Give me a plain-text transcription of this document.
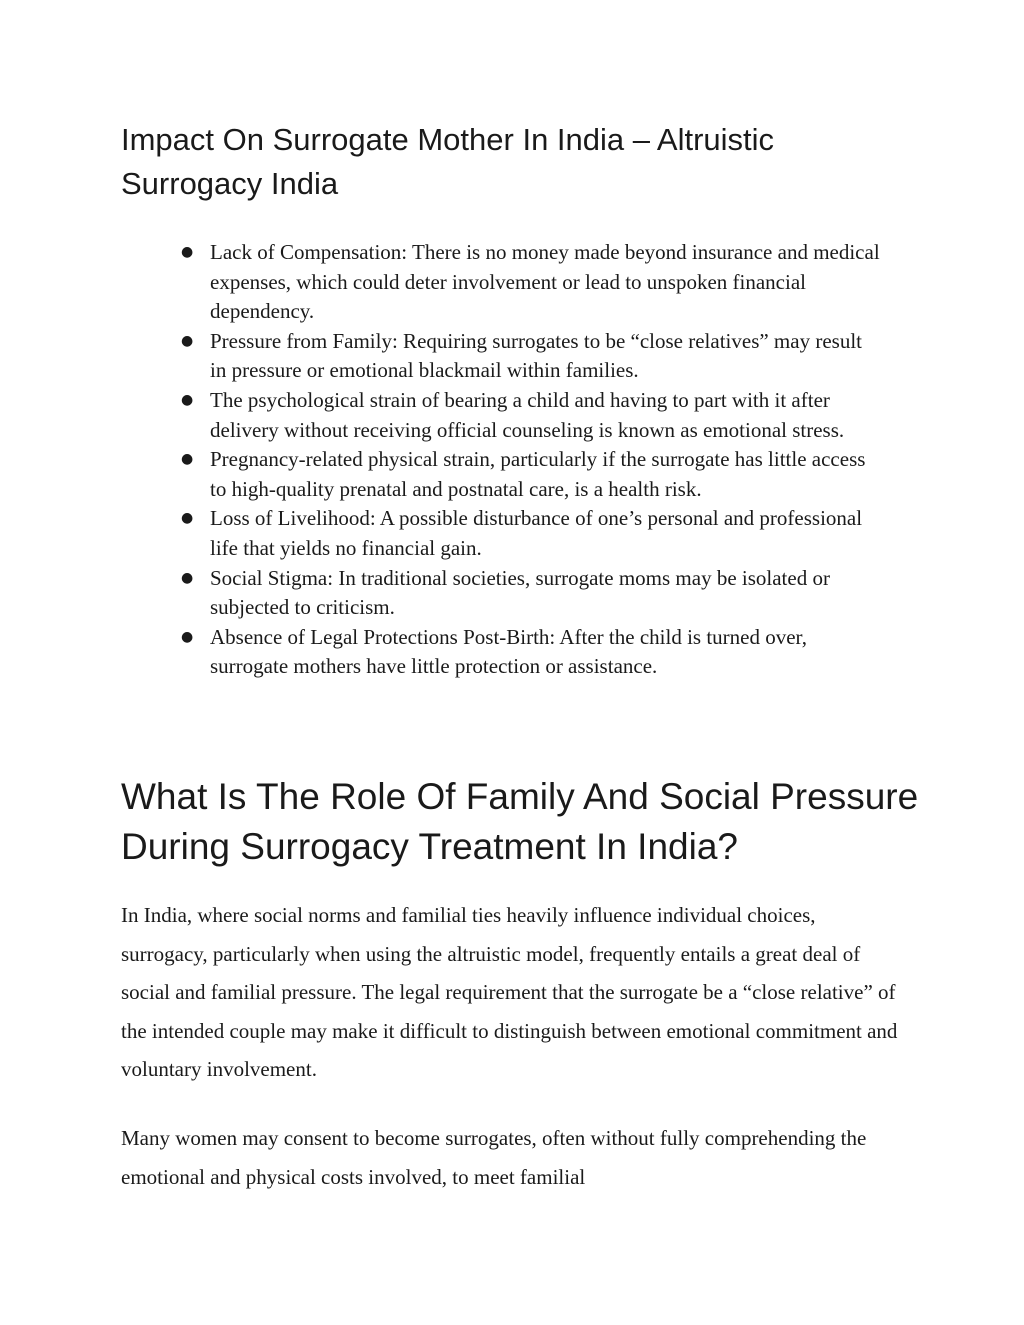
Impact On Surrogate Mother In India – Altruistic Surrogacy India
● Lack of Compensation: There is no money made beyond insurance and medical expenses, which could deter involvement or lead to unspoken financial dependency.
● Pressure from Family: Requiring surrogates to be “close relatives” may result in pressure or emotional blackmail within families.
● The psychological strain of bearing a child and having to part with it after delivery without receiving official counseling is known as emotional stress.
● Pregnancy-related physical strain, particularly if the surrogate has little access to high-quality prenatal and postnatal care, is a health risk.
● Loss of Livelihood: A possible disturbance of one’s personal and professional life that yields no financial gain.
● Social Stigma: In traditional societies, surrogate moms may be isolated or subjected to criticism.
● Absence of Legal Protections Post-Birth: After the child is turned over, surrogate mothers have little protection or assistance.
What Is The Role Of Family And Social Pressure During Surrogacy Treatment In India?

In India, where social norms and familial ties heavily influence individual choices, surrogacy, particularly when using the altruistic model, frequently entails a great deal of social and familial pressure. The legal requirement that the surrogate be a “close relative” of the intended couple may make it difficult to distinguish between emotional commitment and voluntary involvement.

Many women may consent to become surrogates, often without fully comprehending the emotional and physical costs involved, to meet familial
